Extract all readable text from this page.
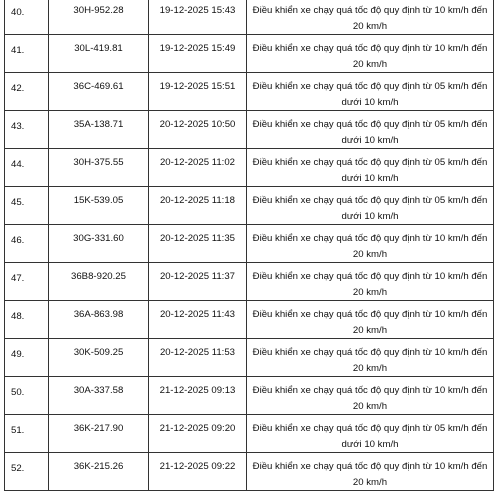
40.	30H-952.28	19-12-2025 15:43	Điều khiển xe chạy quá tốc độ quy định từ 10 km/h đến 20 km/h
41.	30L-419.81	19-12-2025 15:49	Điều khiển xe chạy quá tốc độ quy định từ 10 km/h đến 20 km/h
42.	36C-469.61	19-12-2025 15:51	Điều khiển xe chạy quá tốc độ quy định từ 05 km/h đến dưới 10 km/h
43.	35A-138.71	20-12-2025 10:50	Điều khiển xe chạy quá tốc độ quy định từ 05 km/h đến dưới 10 km/h
44.	30H-375.55	20-12-2025 11:02	Điều khiển xe chạy quá tốc độ quy định từ 05 km/h đến dưới 10 km/h
45.	15K-539.05	20-12-2025 11:18	Điều khiển xe chạy quá tốc độ quy định từ 05 km/h đến dưới 10 km/h
46.	30G-331.60	20-12-2025 11:35	Điều khiển xe chạy quá tốc độ quy định từ 10 km/h đến 20 km/h
47.	36B8-920.25	20-12-2025 11:37	Điều khiển xe chạy quá tốc độ quy định từ 10 km/h đến 20 km/h
48.	36A-863.98	20-12-2025 11:43	Điều khiển xe chạy quá tốc độ quy định từ 10 km/h đến 20 km/h
49.	30K-509.25	20-12-2025 11:53	Điều khiển xe chạy quá tốc độ quy định từ 10 km/h đến 20 km/h
50.	30A-337.58	21-12-2025 09:13	Điều khiển xe chạy quá tốc độ quy định từ 10 km/h đến 20 km/h
51.	36K-217.90	21-12-2025 09:20	Điều khiển xe chạy quá tốc độ quy định từ 05 km/h đến dưới 10 km/h
52.	36K-215.26	21-12-2025 09:22	Điều khiển xe chạy quá tốc độ quy định từ 10 km/h đến 20 km/h
